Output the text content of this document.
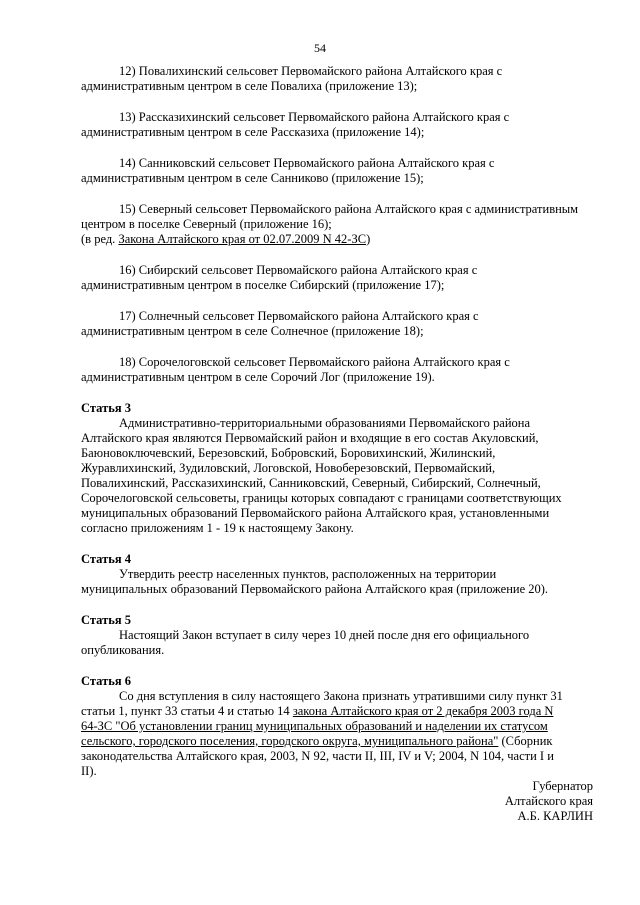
54

12) Повалихинский сельсовет Первомайского района Алтайского края с

административным центром в селе Повалиха (приложение 13);

13) Рассказихинский сельсовет Первомайского района Алтайского края с

административным центром в селе Рассказиха (приложение 14);

14) Санниковский сельсовет Первомайского района Алтайского края с

административным центром в селе Санниково (приложение 15);

15) Северный сельсовет Первомайского района Алтайского края с административным

центром в поселке Северный (приложение 16);

(в ред. Закона Алтайского края от 02.07.2009 N 42-ЗС)

16) Сибирский сельсовет Первомайского района Алтайского края с

административным центром в поселке Сибирский (приложение 17);

17) Солнечный сельсовет Первомайского района Алтайского края с

административным центром в селе Солнечное (приложение 18);

18) Сорочелоговской сельсовет Первомайского района Алтайского края с

административным центром в селе Сорочий Лог (приложение 19).

Статья 3

Административно-территориальными образованиями Первомайского района

Алтайского края являются Первомайский район и входящие в его состав Акуловский,

Баюновоключевский, Березовский, Бобровский, Боровихинский, Жилинский,

Журавлихинский, Зудиловский, Логовской, Новоберезовский, Первомайский,

Повалихинский, Рассказихинский, Санниковский, Северный, Сибирский, Солнечный,

Сорочелоговской сельсоветы, границы которых совпадают с границами соответствующих

муниципальных образований Первомайского района Алтайского края, установленными

согласно приложениям 1 - 19 к настоящему Закону.

Статья 4

Утвердить реестр населенных пунктов, расположенных на территории

муниципальных образований Первомайского района Алтайского края (приложение 20).

Статья 5

Настоящий Закон вступает в силу через 10 дней после дня его официального

опубликования.

Статья 6

Со дня вступления в силу настоящего Закона признать утратившими силу пункт 31

статьи 1, пункт 33 статьи 4 и статью 14 закона Алтайского края от 2 декабря 2003 года N

64-ЗС "Об установлении границ муниципальных образований и наделении их статусом

сельского, городского поселения, городского округа, муниципального района" (Сборник

законодательства Алтайского края, 2003, N 92, части II, III, IV и V; 2004, N 104, части I и

II).

Губернатор

Алтайского края

А.Б. КАРЛИН
